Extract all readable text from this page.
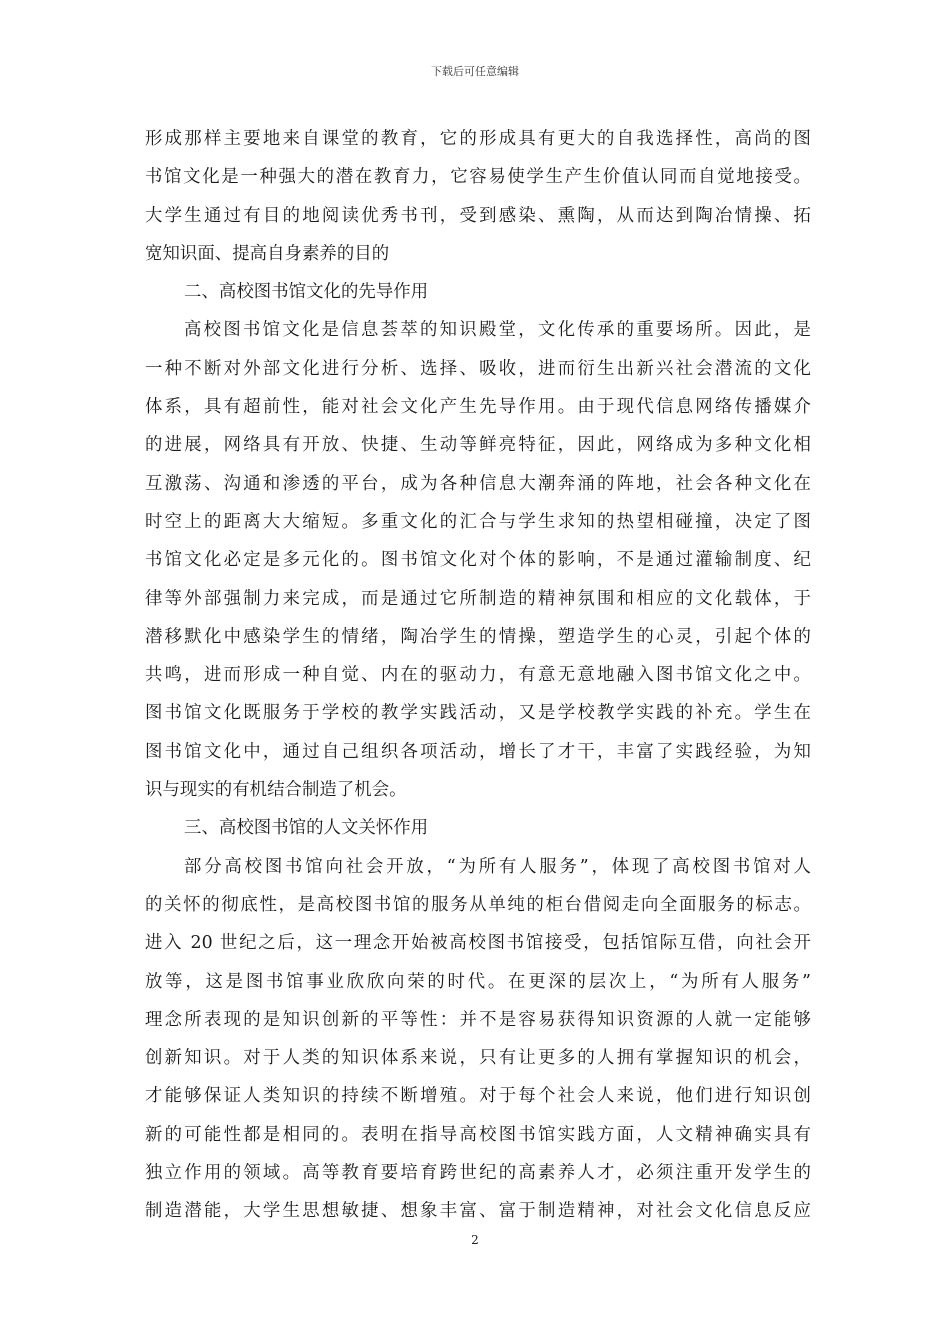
下载后可任意编辑
形成那样主要地来自课堂的教育，它的形成具有更大的自我选择性，高尚的图
书馆文化是一种强大的潜在教育力，它容易使学生产生价值认同而自觉地接受。
大学生通过有目的地阅读优秀书刊，受到感染、熏陶，从而达到陶冶情操、拓
宽知识面、提高自身素养的目的
二、高校图书馆文化的先导作用
高校图书馆文化是信息荟萃的知识殿堂，文化传承的重要场所。因此，是
一种不断对外部文化进行分析、选择、吸收，进而衍生出新兴社会潜流的文化
体系，具有超前性，能对社会文化产生先导作用。由于现代信息网络传播媒介
的进展，网络具有开放、快捷、生动等鲜亮特征，因此，网络成为多种文化相
互激荡、沟通和渗透的平台，成为各种信息大潮奔涌的阵地，社会各种文化在
时空上的距离大大缩短。多重文化的汇合与学生求知的热望相碰撞，决定了图
书馆文化必定是多元化的。图书馆文化对个体的影响，不是通过灌输制度、纪
律等外部强制力来完成，而是通过它所制造的精神氛围和相应的文化载体，于
潜移默化中感染学生的情绪，陶冶学生的情操，塑造学生的心灵，引起个体的
共鸣，进而形成一种自觉、内在的驱动力，有意无意地融入图书馆文化之中。
图书馆文化既服务于学校的教学实践活动，又是学校教学实践的补充。学生在
图书馆文化中，通过自己组织各项活动，增长了才干，丰富了实践经验，为知
识与现实的有机结合制造了机会。
三、高校图书馆的人文关怀作用
部分高校图书馆向社会开放，“为所有人服务”，体现了高校图书馆对人
的关怀的彻底性，是高校图书馆的服务从单纯的柜台借阅走向全面服务的标志。
进入 20 世纪之后，这一理念开始被高校图书馆接受，包括馆际互借，向社会开
放等，这是图书馆事业欣欣向荣的时代。在更深的层次上，“为所有人服务”
理念所表现的是知识创新的平等性：并不是容易获得知识资源的人就一定能够
创新知识。对于人类的知识体系来说，只有让更多的人拥有掌握知识的机会，
才能够保证人类知识的持续不断增殖。对于每个社会人来说，他们进行知识创
新的可能性都是相同的。表明在指导高校图书馆实践方面，人文精神确实具有
独立作用的领域。高等教育要培育跨世纪的高素养人才，必须注重开发学生的
制造潜能，大学生思想敏捷、想象丰富、富于制造精神，对社会文化信息反应
2
